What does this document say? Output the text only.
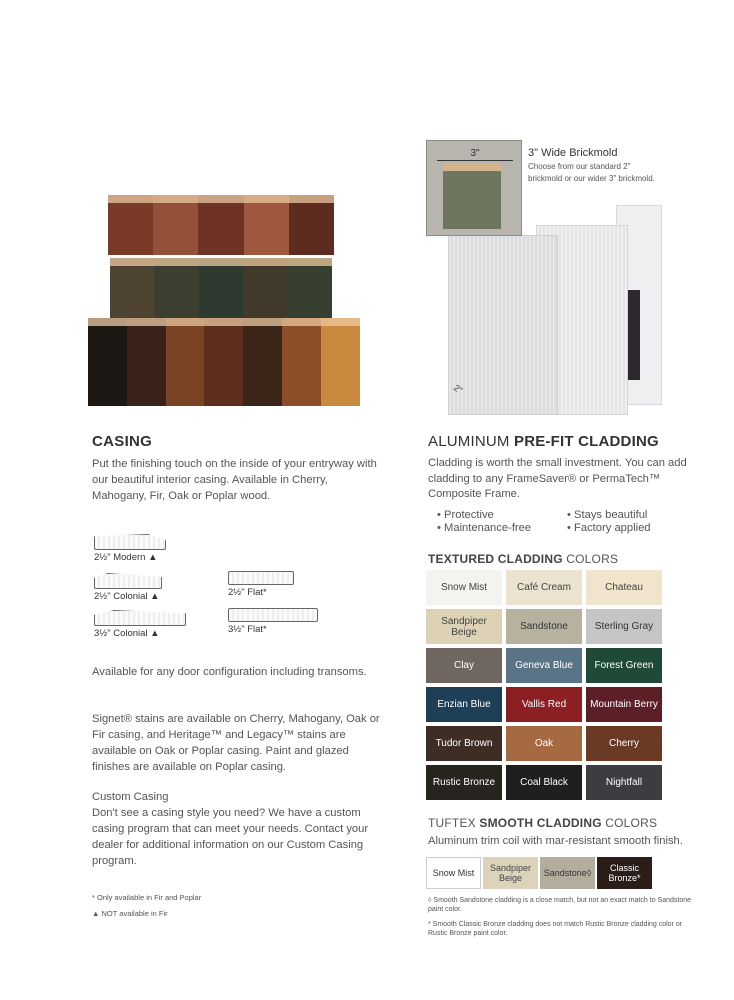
3"
2"
3" Wide Brickmold
Choose from our standard 2" brickmold or our wider 3" brickmold.
CASING
Put the finishing touch on the inside of your entryway with our beautiful interior casing. Available in Cherry, Mahogany, Fir, Oak or Poplar wood.
2½" Modern ▲
2½" Colonial ▲	2½" Flat*
3½" Colonial ▲	3½" Flat*
Available for any door configuration including transoms.
Signet® stains are available on Cherry, Mahogany, Oak or Fir casing, and Heritage™ and Legacy™ stains are available on Oak or Poplar casing. Paint and glazed finishes are available on Poplar casing.
Custom Casing
Don't see a casing style you need? We have a custom casing program that can meet your needs. Contact your dealer for additional information on our Custom Casing program.
* Only available in Fir and Poplar
▲ NOT available in Fir
ALUMINUM PRE-FIT CLADDING
Cladding is worth the small investment. You can add cladding to any FrameSaver® or PermaTech™ Composite Frame.
• Protective	• Stays beautiful
• Maintenance-free	• Factory applied
TEXTURED CLADDING COLORS
Snow Mist	Café Cream	Chateau
Sandpiper Beige	Sandstone	Sterling Gray
Clay	Geneva Blue	Forest Green
Enzian Blue	Vallis Red	Mountain Berry
Tudor Brown	Oak	Cherry
Rustic Bronze	Coal Black	Nightfall
TUFTEX SMOOTH CLADDING COLORS
Aluminum trim coil with mar-resistant smooth finish.
Snow Mist	Sandpiper Beige	Sandstone◊	Classic Bronze*
◊ Smooth Sandstone cladding is a close match, but not an exact match to Sandstone paint color.
* Smooth Classic Bronze cladding does not match Rustic Bronze cladding color or Rustic Bronze paint color.
